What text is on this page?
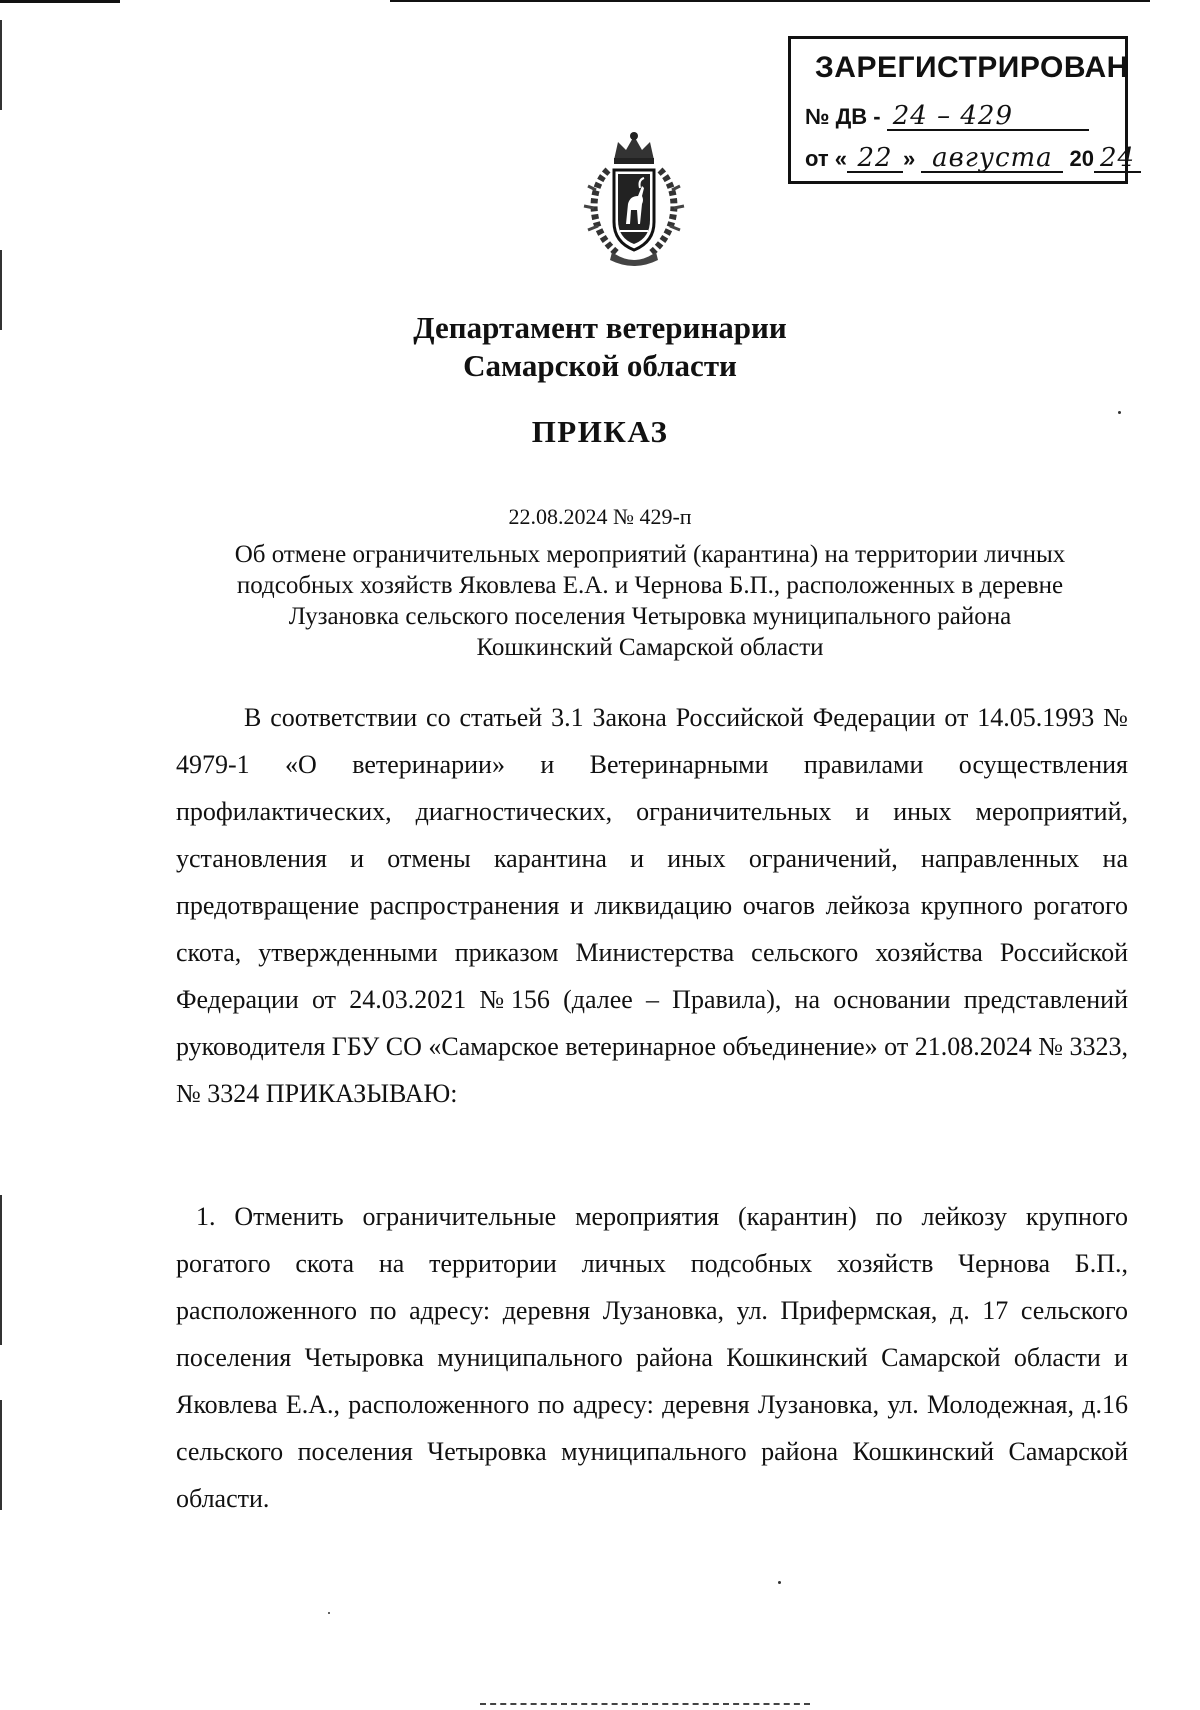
ЗАРЕГИСТРИРОВАН
№ ДВ - 24 – 429
от « 22 » августа 20 24
Департамент ветеринарии
Самарской области
ПРИКАЗ
22.08.2024 № 429-п
Об отмене ограничительных мероприятий (карантина) на территории личных
подсобных хозяйств Яковлева Е.А. и Чернова Б.П., расположенных в деревне
Лузановка сельского поселения Четыровка муниципального района
Кошкинский Самарской области

В соответствии со статьей 3.1 Закона Российской Федерации от 14.05.1993 № 4979-1 «О ветеринарии» и Ветеринарными правилами осуществления профилактических, диагностических, ограничительных и иных мероприятий, установления и отмены карантина и иных ограничений, направленных на предотвращение распространения и ликвидацию очагов лейкоза крупного рогатого скота, утвержденными приказом Министерства сельского хозяйства Российской Федерации от 24.03.2021 №156 (далее – Правила), на основании представлений руководителя ГБУ СО «Самарское ветеринарное объединение» от 21.08.2024 № 3323, № 3324 ПРИКАЗЫВАЮ:

1. Отменить ограничительные мероприятия (карантин) по лейкозу крупного рогатого скота на территории личных подсобных хозяйств Чернова Б.П., расположенного по адресу: деревня Лузановка, ул. Прифермская, д. 17 сельского поселения Четыровка муниципального района Кошкинский Самарской области и Яковлева Е.А., расположенного по адресу: деревня Лузановка, ул. Молодежная, д.16 сельского поселения Четыровка муниципального района Кошкинский Самарской области.
